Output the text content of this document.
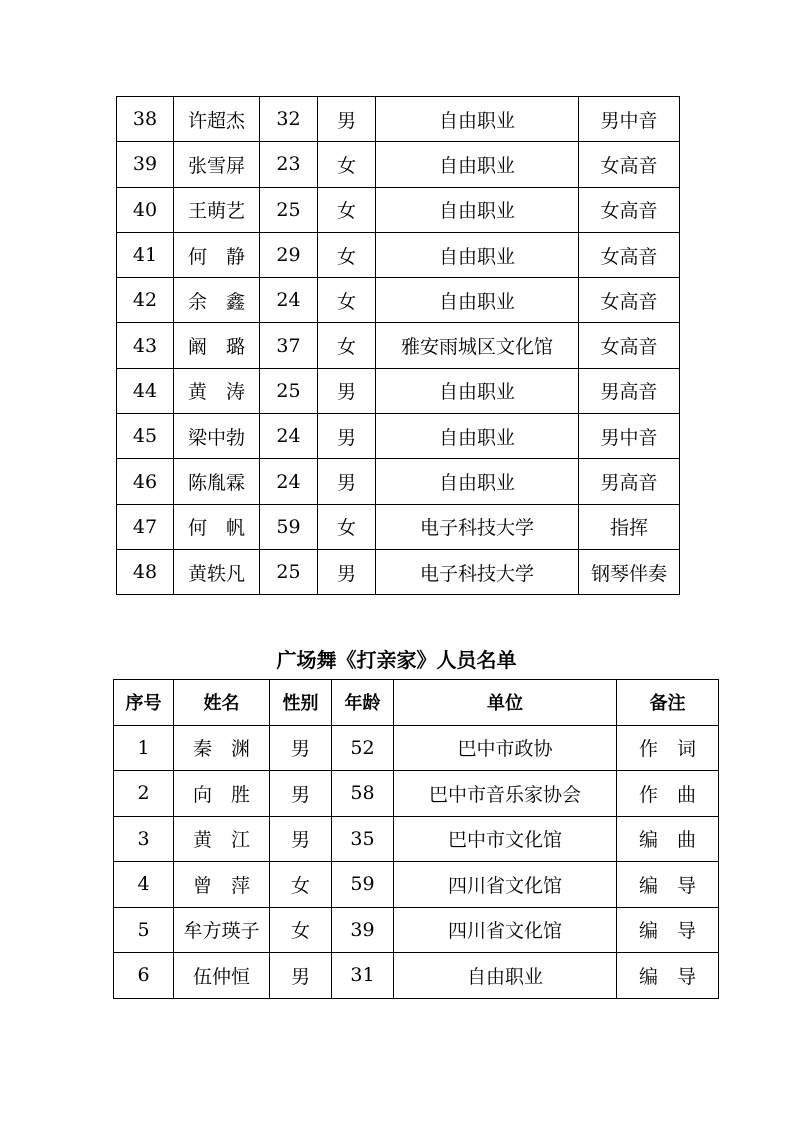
38	许超杰	32	男	自由职业	男中音
39	张雪屏	23	女	自由职业	女高音
40	王萌艺	25	女	自由职业	女高音
41	何　静	29	女	自由职业	女高音
42	余　鑫	24	女	自由职业	女高音
43	阚　璐	37	女	雅安雨城区文化馆	女高音
44	黄　涛	25	男	自由职业	男高音
45	梁中勃	24	男	自由职业	男中音
46	陈胤霖	24	男	自由职业	男高音
47	何　帆	59	女	电子科技大学	指挥
48	黄轶凡	25	男	电子科技大学	钢琴伴奏
广场舞《打亲家》人员名单
序号	姓名	性别	年龄	单位	备注
1	秦　渊	男	52	巴中市政协	作　词
2	向　胜	男	58	巴中市音乐家协会	作　曲
3	黄　江	男	35	巴中市文化馆	编　曲
4	曾　萍	女	59	四川省文化馆	编　导
5	牟方瑛子	女	39	四川省文化馆	编　导
6	伍仲恒	男	31	自由职业	编　导
